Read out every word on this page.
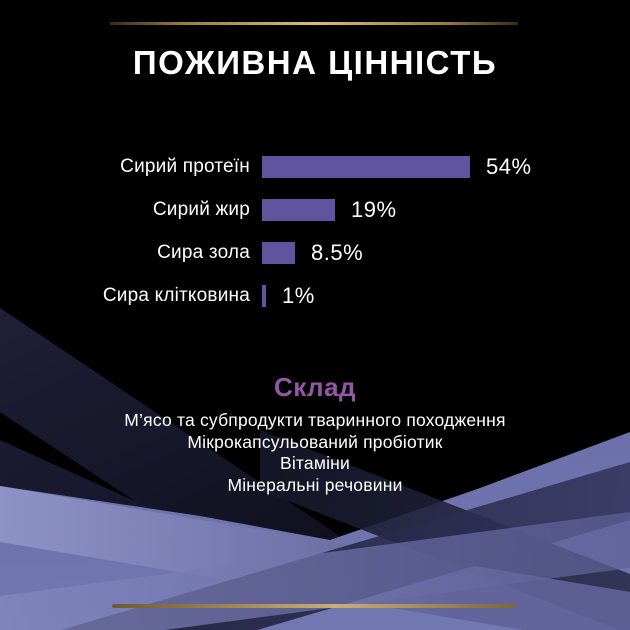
ПОЖИВНА ЦІННІСТЬ
Сирий протеїн	54%
Сирий жир	19%
Сира зола	8.5%
Сира клітковина 1%
Склад
М’ясо та субпродукти тваринного походження
Мікрокапсульований пробіотик
Вітаміни
Мінеральні речовини
